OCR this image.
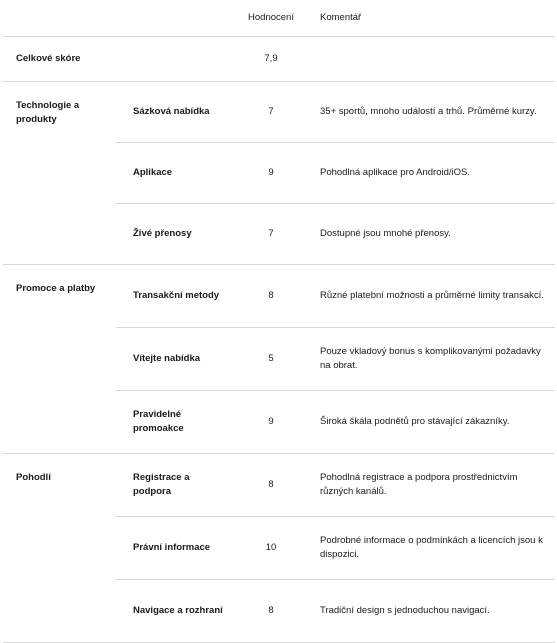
		Hodnocení	Komentář
Celkové skóre		7,9	
Technologie a produkty	Sázková nabídka	7	35+ sportů, mnoho událostí a trhů. Průměrné kurzy.
	Aplikace	9	Pohodlná aplikace pro Android/iOS.
	Živé přenosy	7	Dostupné jsou mnohé přenosy.
Promoce a platby	Transakční metody	8	Různé platební možnosti a průměrné limity transakcí.
	Vítejte nabídka	5	Pouze vkladový bonus s komplikovanými požadavky na obrat.
	Pravidelné promoakce	9	Široká škála podnětů pro stávající zákazníky.
Pohodlí	Registrace a podpora	8	Pohodlná registrace a podpora prostřednictvím různých kanálů.
	Právní informace	10	Podrobné informace o podmínkách a licencích jsou k dispozici.
	Navigace a rozhraní	8	Tradiční design s jednoduchou navigací.
